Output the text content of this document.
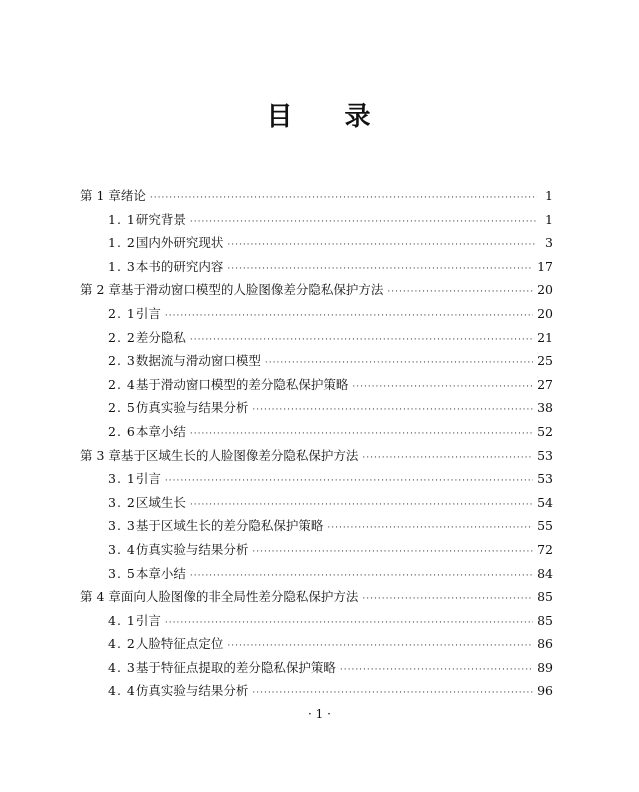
目 录
第 1 章 绪论 ·····	1
1. 1 研究背景 ·····	1
1. 2 国内外研究现状 ·····	3
1. 3 本书的研究内容 ·····	17
第 2 章 基于滑动窗口模型的人脸图像差分隐私保护方法 ·····	20
2. 1 引言 ·····	20
2. 2 差分隐私 ·····	21
2. 3 数据流与滑动窗口模型 ·····	25
2. 4 基于滑动窗口模型的差分隐私保护策略 ·····	27
2. 5 仿真实验与结果分析 ·····	38
2. 6 本章小结 ·····	52
第 3 章 基于区域生长的人脸图像差分隐私保护方法 ·····	53
3. 1 引言 ·····	53
3. 2 区域生长 ·····	54
3. 3 基于区域生长的差分隐私保护策略 ·····	55
3. 4 仿真实验与结果分析 ·····	72
3. 5 本章小结 ·····	84
第 4 章 面向人脸图像的非全局性差分隐私保护方法 ·····	85
4. 1 引言 ·····	85
4. 2 人脸特征点定位 ·····	86
4. 3 基于特征点提取的差分隐私保护策略 ·····	89
4. 4 仿真实验与结果分析 ·····	96
· 1 ·
